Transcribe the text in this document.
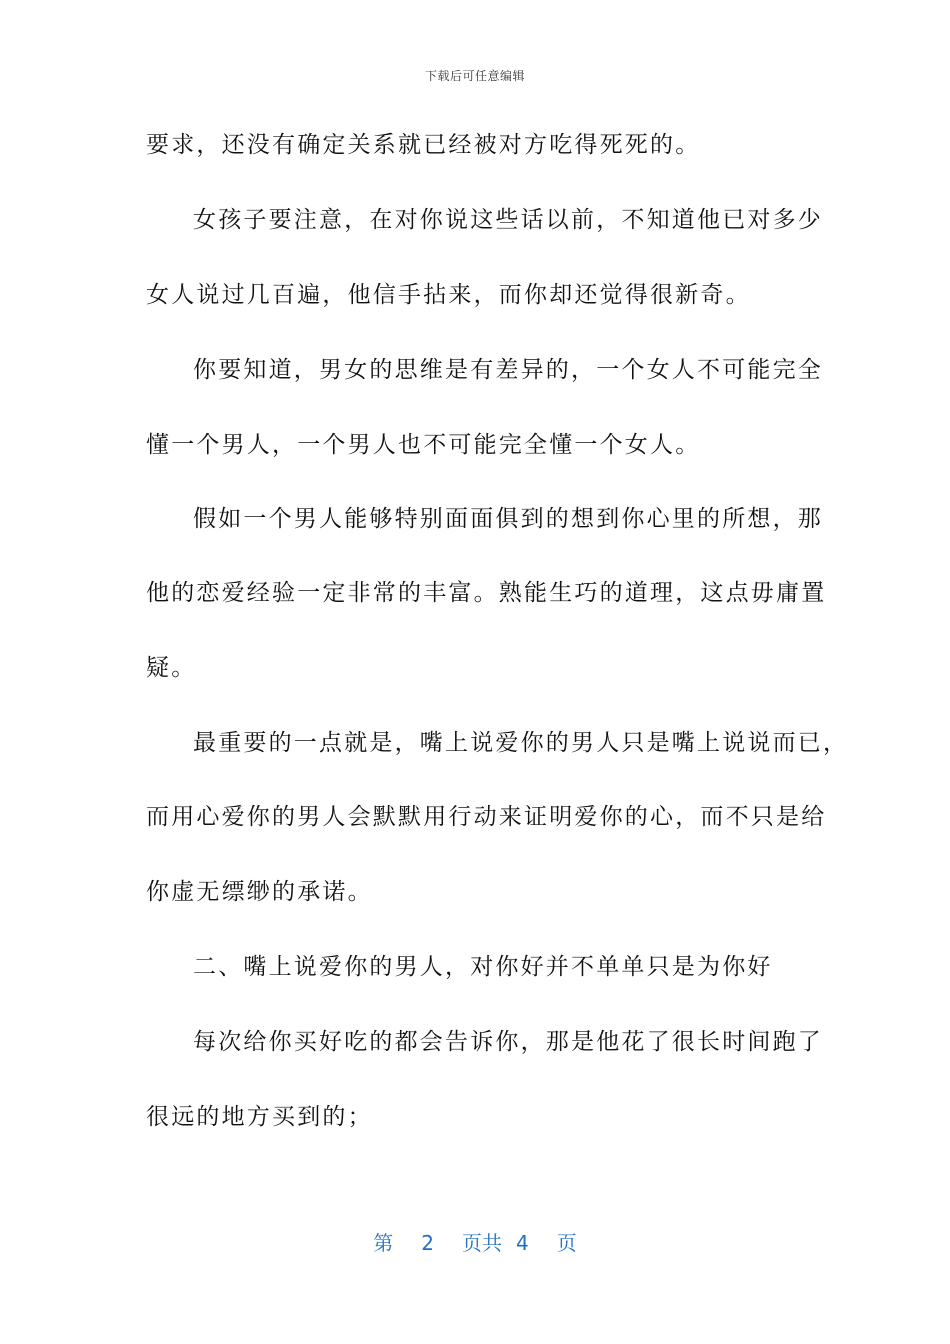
下载后可任意编辑
要求，还没有确定关系就已经被对方吃得死死的。
女孩子要注意，在对你说这些话以前，不知道他已对多少
女人说过几百遍，他信手拈来，而你却还觉得很新奇。
你要知道，男女的思维是有差异的，一个女人不可能完全
懂一个男人，一个男人也不可能完全懂一个女人。
假如一个男人能够特别面面俱到的想到你心里的所想，那
他的恋爱经验一定非常的丰富。熟能生巧的道理，这点毋庸置
疑。
最重要的一点就是，嘴上说爱你的男人只是嘴上说说而已，
而用心爱你的男人会默默用行动来证明爱你的心，而不只是给
你虚无缥缈的承诺。
二、嘴上说爱你的男人，对你好并不单单只是为你好
每次给你买好吃的都会告诉你，那是他花了很长时间跑了
很远的地方买到的；
第 2 页共 4 页
